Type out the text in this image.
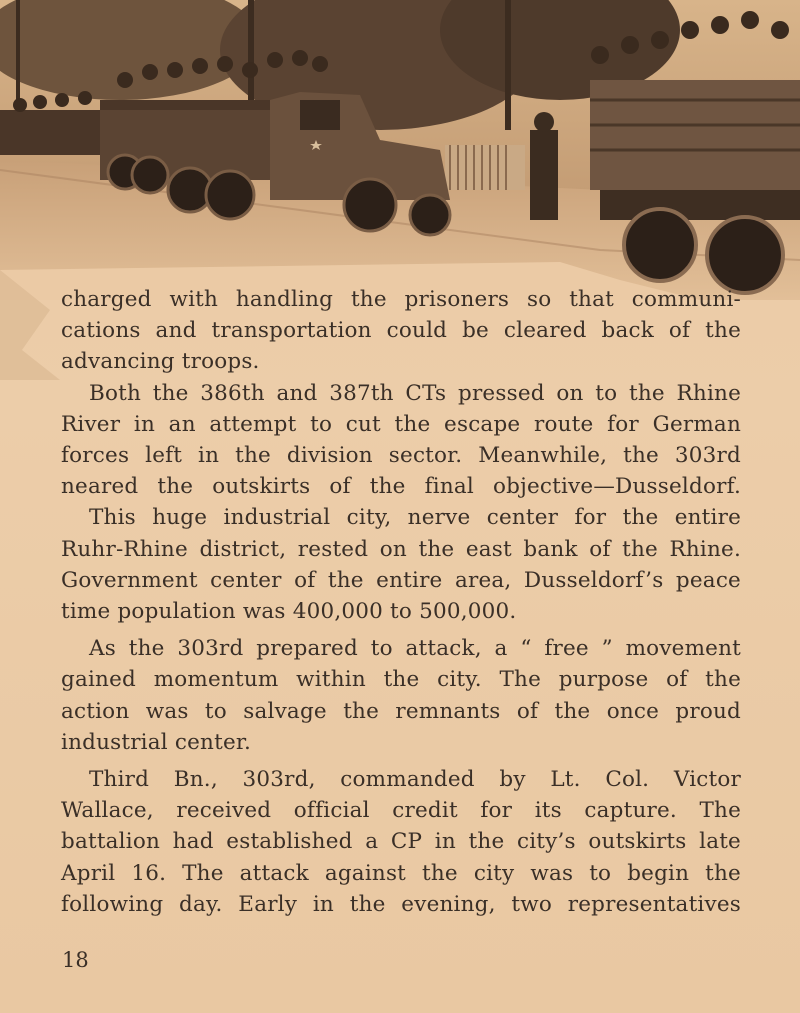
charged with handling the prisoners so that communi-
cations and transportation could be cleared back of the
advancing troops.
Both the 386th and 387th CTs pressed on to the Rhine
River in an attempt to cut the escape route for German
forces left in the division sector. Meanwhile, the 303rd
neared the outskirts of the final objective—Dusseldorf.
This huge industrial city, nerve center for the entire
Ruhr-Rhine district, rested on the east bank of the Rhine.
Government center of the entire area, Dusseldorf’s peace
time population was 400,000 to 500,000.
As the 303rd prepared to attack, a “ free ” movement
gained momentum within the city. The purpose of the
action was to salvage the remnants of the once proud
industrial center.
Third Bn., 303rd, commanded by Lt. Col. Victor
Wallace, received official credit for its capture. The
battalion had established a CP in the city’s outskirts late
April 16. The attack against the city was to begin the
following day. Early in the evening, two representatives
18
